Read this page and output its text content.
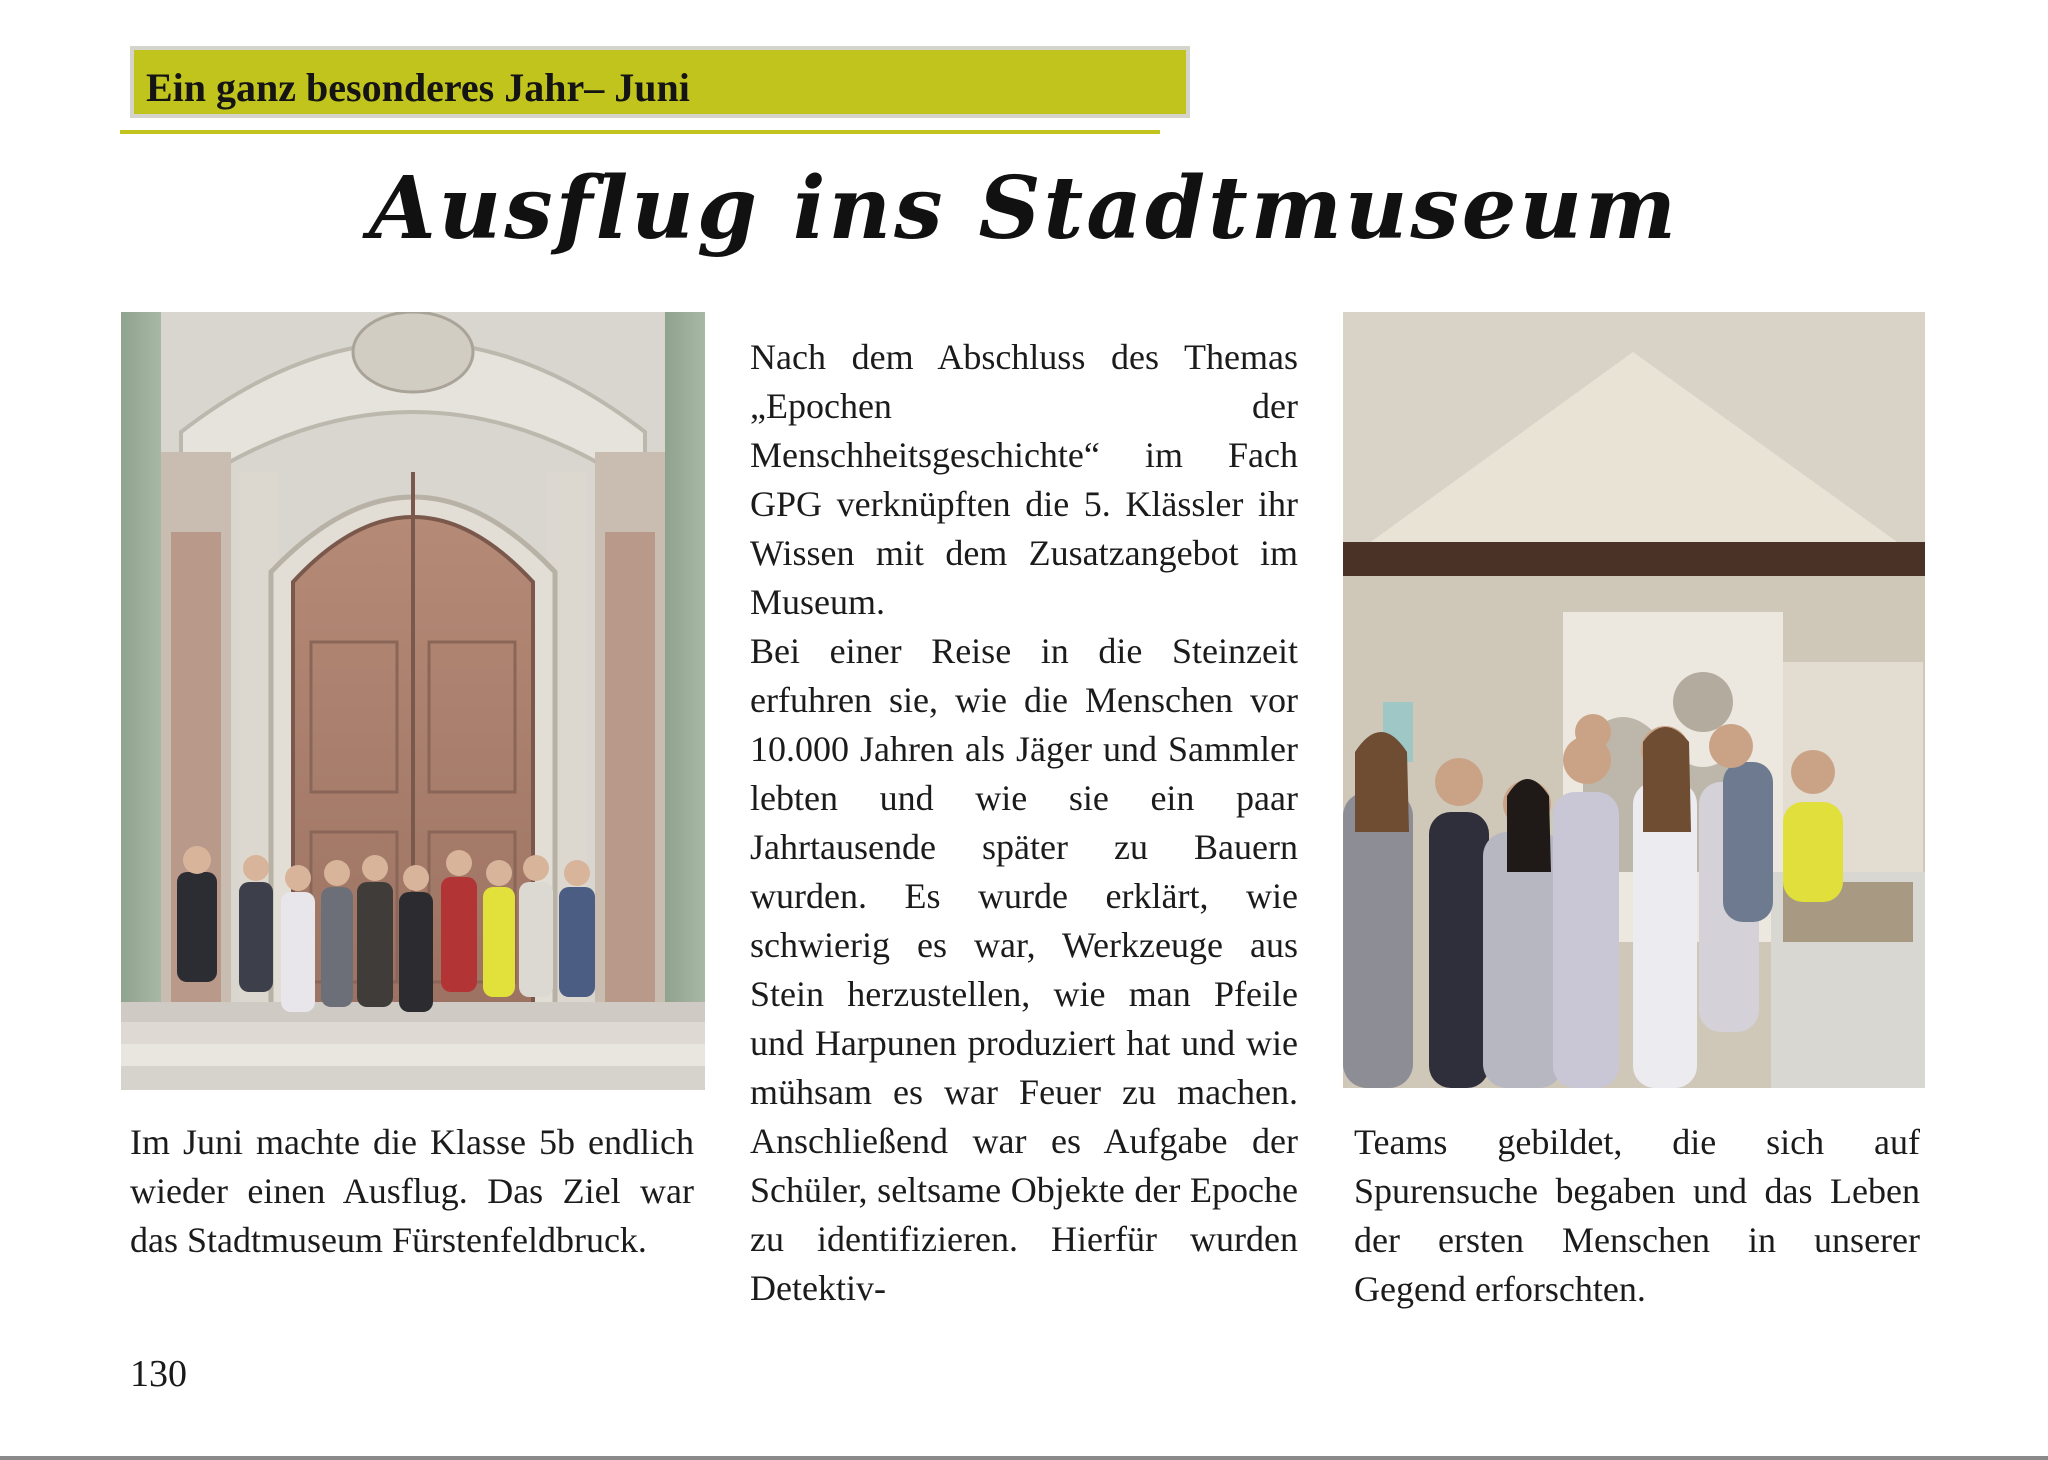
Ein ganz besonderes Jahr– Juni
Ausflug ins Stadtmuseum

Nach dem Abschluss des Themas „Epochen der Menschheitsgeschichte“ im Fach GPG verknüpften die 5. Klässler ihr Wissen mit dem Zusatzangebot im Museum.

Bei einer Reise in die Steinzeit erfuhren sie, wie die Menschen vor 10.000 Jahren als Jäger und Sammler lebten und wie sie ein paar Jahrtausende später zu Bauern wurden. Es wurde erklärt, wie schwierig es war, Werkzeuge aus Stein herzustellen, wie man Pfeile und Harpunen produziert hat und wie mühsam es war Feuer zu machen. Anschließend war es Aufgabe der Schüler, seltsame Objekte der Epoche zu identifizieren. Hierfür wurden Detektiv-

Im Juni machte die Klasse 5b endlich wieder einen Ausflug. Das Ziel war das Stadtmuseum Fürstenfeldbruck.
Teams gebildet, die sich auf Spurensuche begaben und das Leben der ersten Menschen in unserer Gegend erforschten.
130
